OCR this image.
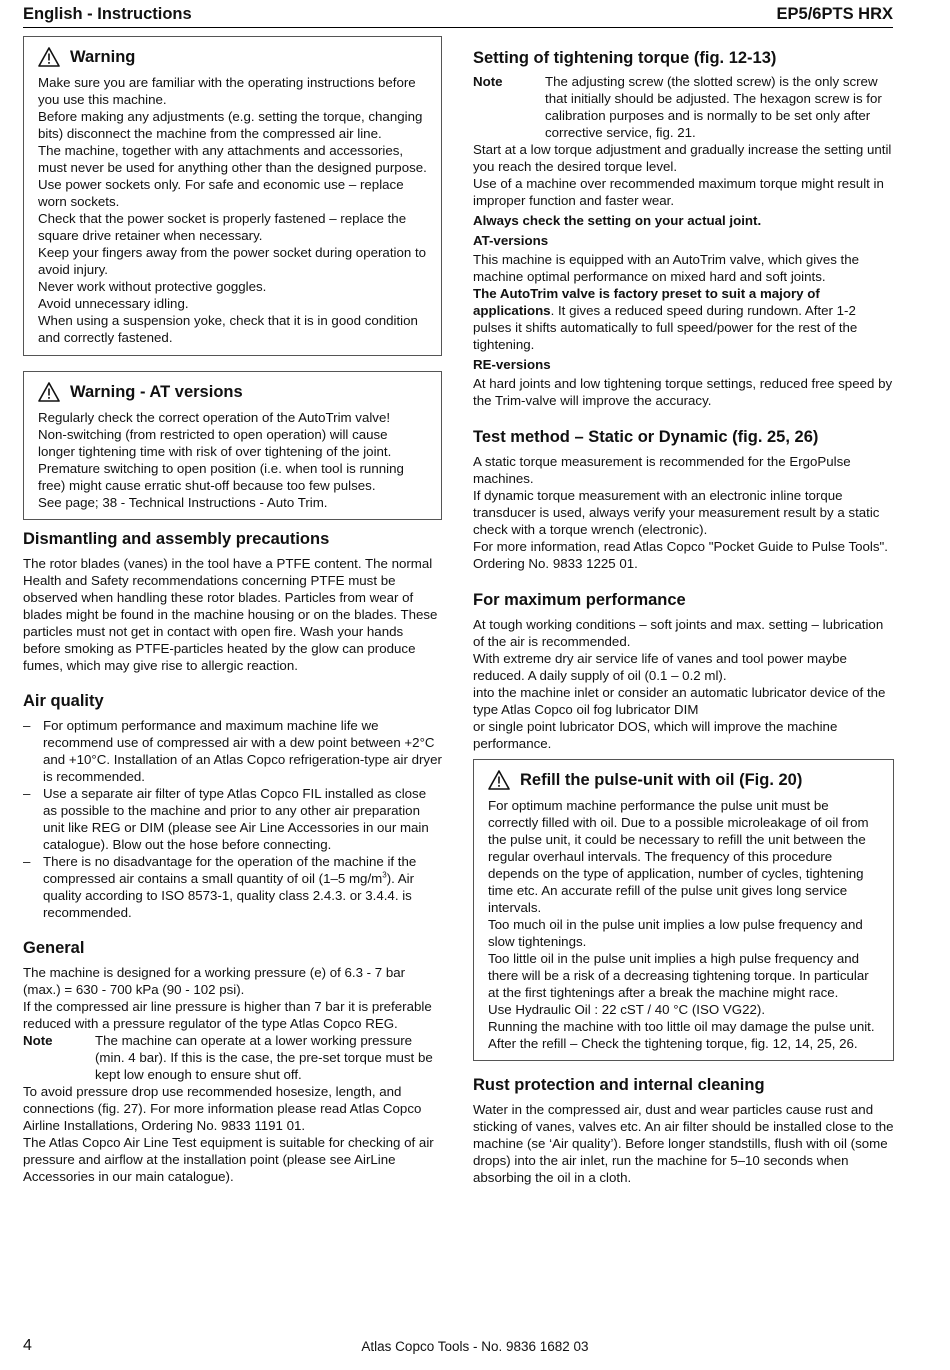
English - Instructions	EP5/6PTS HRX
Warning

Make sure you are familiar with the operating instructions before you use this machine.

Before making any adjustments (e.g. setting the torque, changing bits) disconnect the machine from the compressed air line.

The machine, together with any attachments and accessories, must never be used for anything other than the designed purpose.

Use power sockets only. For safe and economic use – replace worn sockets.

Check that the power socket is properly fastened – replace the square drive retainer when necessary.

Keep your fingers away from the power socket during operation to avoid injury.

Never work without protective goggles.

Avoid unnecessary idling.

When using a suspension yoke, check that it is in good condition and correctly fastened.

Warning - AT versions

Regularly check the correct operation of the AutoTrim valve!

Non-switching (from restricted to open operation) will cause longer tightening time with risk of over tightening of the joint.

Premature switching to open position (i.e. when tool is running free) might cause erratic shut-off because too few pulses.

See page; 38 - Technical Instructions - Auto Trim.

Dismantling and assembly precautions

The rotor blades (vanes) in the tool have a PTFE content. The normal Health and Safety recommendations concerning PTFE must be observed when handling these rotor blades. Particles from wear of blades might be found in the machine housing or on the blades. These particles must not get in contact with open fire. Wash your hands before smoking as PTFE-particles heated by the glow can produce fumes, which may give rise to allergic reaction.

Air quality
– For optimum performance and maximum machine life we recommend use of compressed air with a dew point between +2°C and +10°C. Installation of an Atlas Copco refrigeration-type air dryer is recommended.
– Use a separate air filter of type Atlas Copco FIL installed as close as possible to the machine and prior to any other air preparation unit like REG or DIM (please see Air Line Accessories in our main catalogue). Blow out the hose before connecting.
– There is no disadvantage for the operation of the machine if the compressed air contains a small quantity of oil (1–5 $mg/m^3$). Air quality according to ISO 8573-1, quality class 2.4.3. or 3.4.4. is recommended.
General

The machine is designed for a working pressure (e) of 6.3 - 7 bar (max.) = 630 - 700 kPa (90 - 102 psi).

If the compressed air line pressure is higher than 7 bar it is preferable reduced with a pressure regulator of the type Atlas Copco REG.

Note	The machine can operate at a lower working pressure (min. 4 bar). If this is the case, the pre-set torque must be kept low enough to ensure shut off.

To avoid pressure drop use recommended hosesize, length, and connections (fig. 27). For more information please read Atlas Copco Airline Installations, Ordering No. 9833 1191 01.

The Atlas Copco Air Line Test equipment is suitable for checking of air pressure and airflow at the installation point (please see AirLine Accessories in our main catalogue).

Setting of tightening torque (fig. 12-13)
Note	The adjusting screw (the slotted screw) is the only screw that initially should be adjusted. The hexagon screw is for calibration purposes and is normally to be set only after corrective service, fig. 21.

Start at a low torque adjustment and gradually increase the setting until you reach the desired torque level.

Use of a machine over recommended maximum torque might result in improper function and faster wear.

Always check the setting on your actual joint.
AT-versions

This machine is equipped with an AutoTrim valve, which gives the machine optimal performance on mixed hard and soft joints.

The AutoTrim valve is factory preset to suit a majory of applications. It gives a reduced speed during rundown. After 1-2 pulses it shifts automatically to full speed/power for the rest of the tightening.

RE-versions

At hard joints and low tightening torque settings, reduced free speed by the Trim-valve will improve the accuracy.

Test method – Static or Dynamic (fig. 25, 26)

A static torque measurement is recommended for the ErgoPulse machines.

If dynamic torque measurement with an electronic inline torque transducer is used, always verify your measurement result by a static check with a torque wrench (electronic).

For more information, read Atlas Copco "Pocket Guide to Pulse Tools". Ordering No. 9833 1225 01.

For maximum performance

At tough working conditions – soft joints and max. setting – lubrication of the air is recommended.

With extreme dry air service life of vanes and tool power maybe reduced. A daily supply of oil (0.1 – 0.2 ml).

into the machine inlet or consider an automatic lubricator device of the type Atlas Copco oil fog lubricator DIM

or single point lubricator DOS, which will improve the machine performance.

Refill the pulse-unit with oil (Fig. 20)

For optimum machine performance the pulse unit must be correctly filled with oil. Due to a possible microleakage of oil from the pulse unit, it could be necessary to refill the unit between the regular overhaul intervals. The frequency of this procedure depends on the type of application, number of cycles, tightening time etc. An accurate refill of the pulse unit gives long service intervals.

Too much oil in the pulse unit implies a low pulse frequency and slow tightenings.

Too little oil in the pulse unit implies a high pulse frequency and there will be a risk of a decreasing tightening torque. In particular at the first tightenings after a break the machine might race.

Use Hydraulic Oil : 22 cST / 40 °C (ISO VG22).

Running the machine with too little oil may damage the pulse unit.

After the refill – Check the tightening torque, fig. 12, 14, 25, 26.

Rust protection and internal cleaning

Water in the compressed air, dust and wear particles cause rust and sticking of vanes, valves etc. An air filter should be installed close to the machine (se ‘Air quality’). Before longer standstills, flush with oil (some drops) into the air inlet, run the machine for 5–10 seconds when absorbing the oil in a cloth.

4	Atlas Copco Tools - No. 9836 1682 03
